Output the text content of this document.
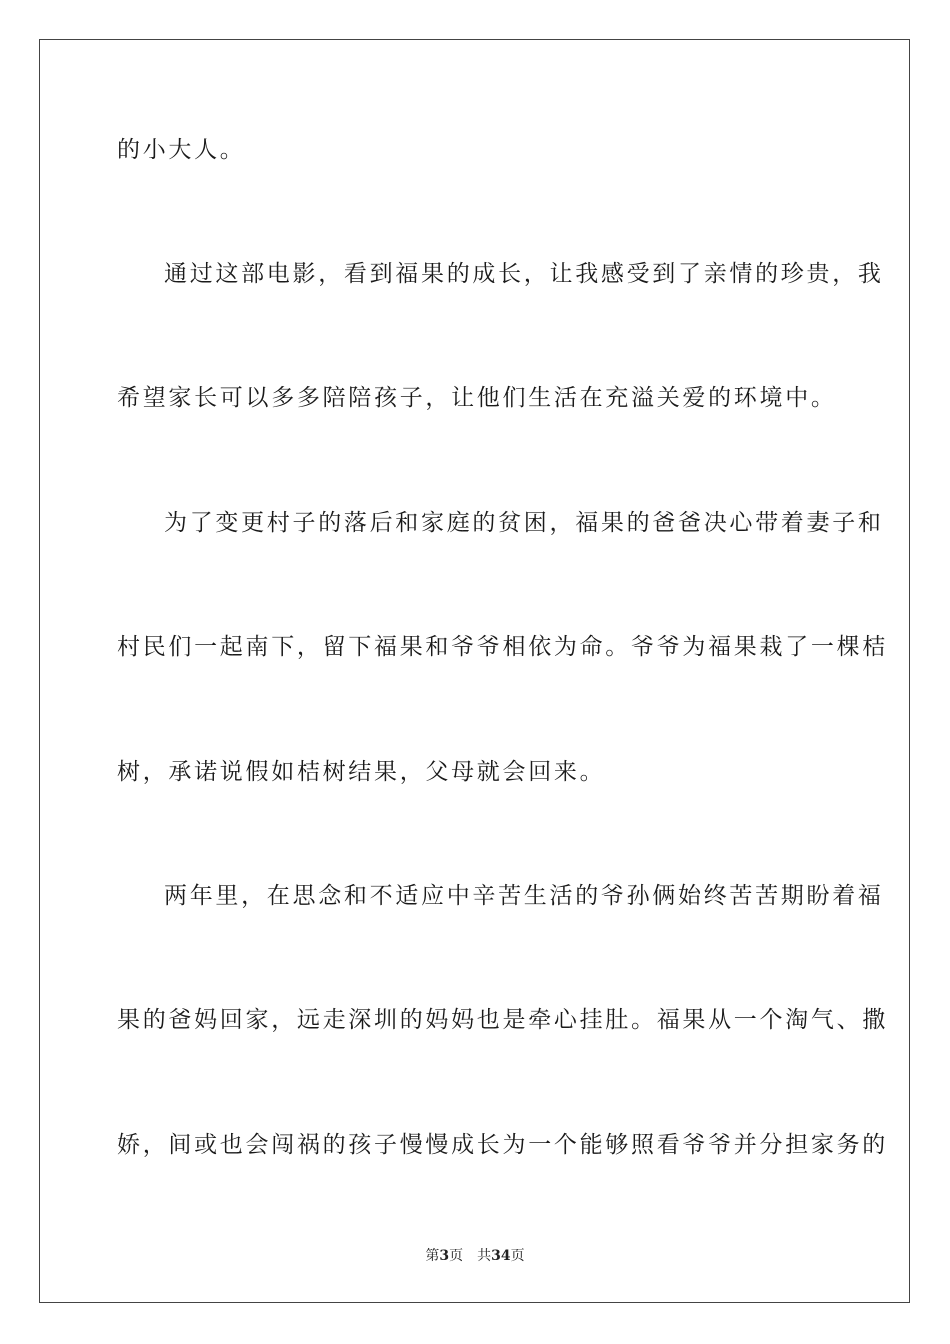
的小大人。
通过这部电影，看到福果的成长，让我感受到了亲情的珍贵，我
希望家长可以多多陪陪孩子，让他们生活在充溢关爱的环境中。
为了变更村子的落后和家庭的贫困，福果的爸爸决心带着妻子和
村民们一起南下，留下福果和爷爷相依为命。爷爷为福果栽了一棵桔
树，承诺说假如桔树结果，父母就会回来。
两年里，在思念和不适应中辛苦生活的爷孙俩始终苦苦期盼着福
果的爸妈回家，远走深圳的妈妈也是牵心挂肚。福果从一个淘气、撒
娇，间或也会闯祸的孩子慢慢成长为一个能够照看爷爷并分担家务的
第3页 共34页
